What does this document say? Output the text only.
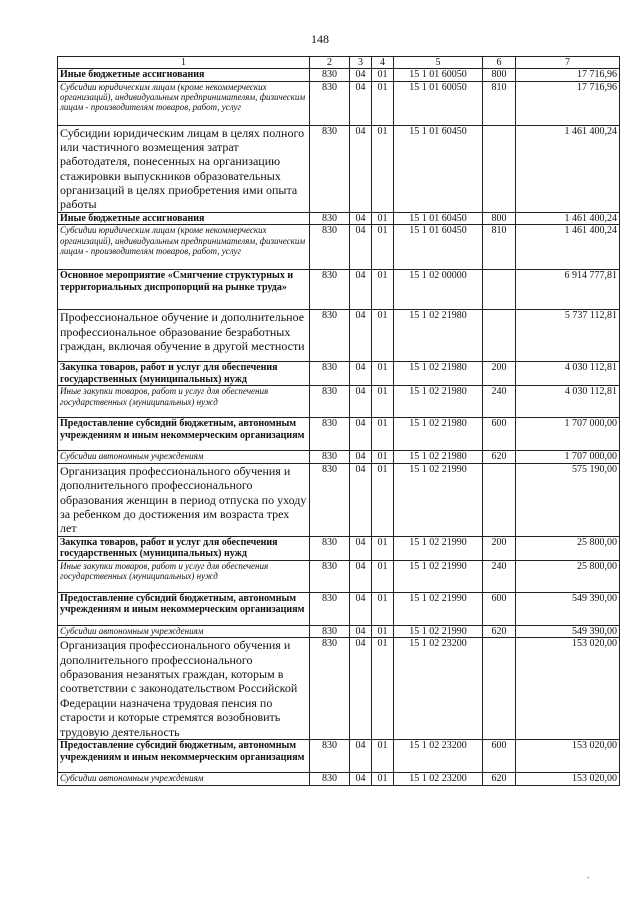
148
1	2	3	4	5	6	7
Иные бюджетные ассигнования	830	04	01	15 1 01 60050	800	17 716,96
Субсидии юридическим лицам (кроме некоммерческих организаций), индивидуальным предпринимателям, физическим лицам - производителям товаров, работ, услуг	830	04	01	15 1 01 60050	810	17 716,96
Субсидии юридическим лицам в целях полного или частичного возмещения затрат работодателя, понесенных на организацию стажировки выпускников образовательных организаций в целях приобретения ими опыта работы	830	04	01	15 1 01 60450		1 461 400,24
Иные бюджетные ассигнования	830	04	01	15 1 01 60450	800	1 461 400,24
Субсидии юридическим лицам (кроме некоммерческих организаций), индивидуальным предпринимателям, физическим лицам - производителям товаров, работ, услуг	830	04	01	15 1 01 60450	810	1 461 400,24
Основное мероприятие «Смягчение структурных и территориальных диспропорций на рынке труда»	830	04	01	15 1 02 00000		6 914 777,81
Профессиональное обучение и дополнительное профессиональное образование безработных граждан, включая обучение в другой местности	830	04	01	15 1 02 21980		5 737 112,81
Закупка товаров, работ и услуг для обеспечения государственных (муниципальных) нужд	830	04	01	15 1 02 21980	200	4 030 112,81
Иные закупки товаров, работ и услуг для обеспечения государственных (муниципальных) нужд	830	04	01	15 1 02 21980	240	4 030 112,81
Предоставление субсидий бюджетным, автономным учреждениям и иным некоммерческим организациям	830	04	01	15 1 02 21980	600	1 707 000,00
Субсидии автономным учреждениям	830	04	01	15 1 02 21980	620	1 707 000,00
Организация профессионального обучения и дополнительного профессионального образования женщин в период отпуска по уходу за ребенком до достижения им возраста трех лет	830	04	01	15 1 02 21990		575 190,00
Закупка товаров, работ и услуг для обеспечения государственных (муниципальных) нужд	830	04	01	15 1 02 21990	200	25 800,00
Иные закупки товаров, работ и услуг для обеспечения государственных (муниципальных) нужд	830	04	01	15 1 02 21990	240	25 800,00
Предоставление субсидий бюджетным, автономным учреждениям и иным некоммерческим организациям	830	04	01	15 1 02 21990	600	549 390,00
Субсидии автономным учреждениям	830	04	01	15 1 02 21990	620	549 390,00
Организация профессионального обучения и дополнительного профессионального образования незанятых граждан, которым в соответствии с законодательством Российской Федерации назначена трудовая пенсия по старости и которые стремятся возобновить трудовую деятельность	830	04	01	15 1 02 23200		153 020,00
Предоставление субсидий бюджетным, автономным учреждениям и иным некоммерческим организациям	830	04	01	15 1 02 23200	600	153 020,00
Субсидии автономным учреждениям	830	04	01	15 1 02 23200	620	153 020,00
-
